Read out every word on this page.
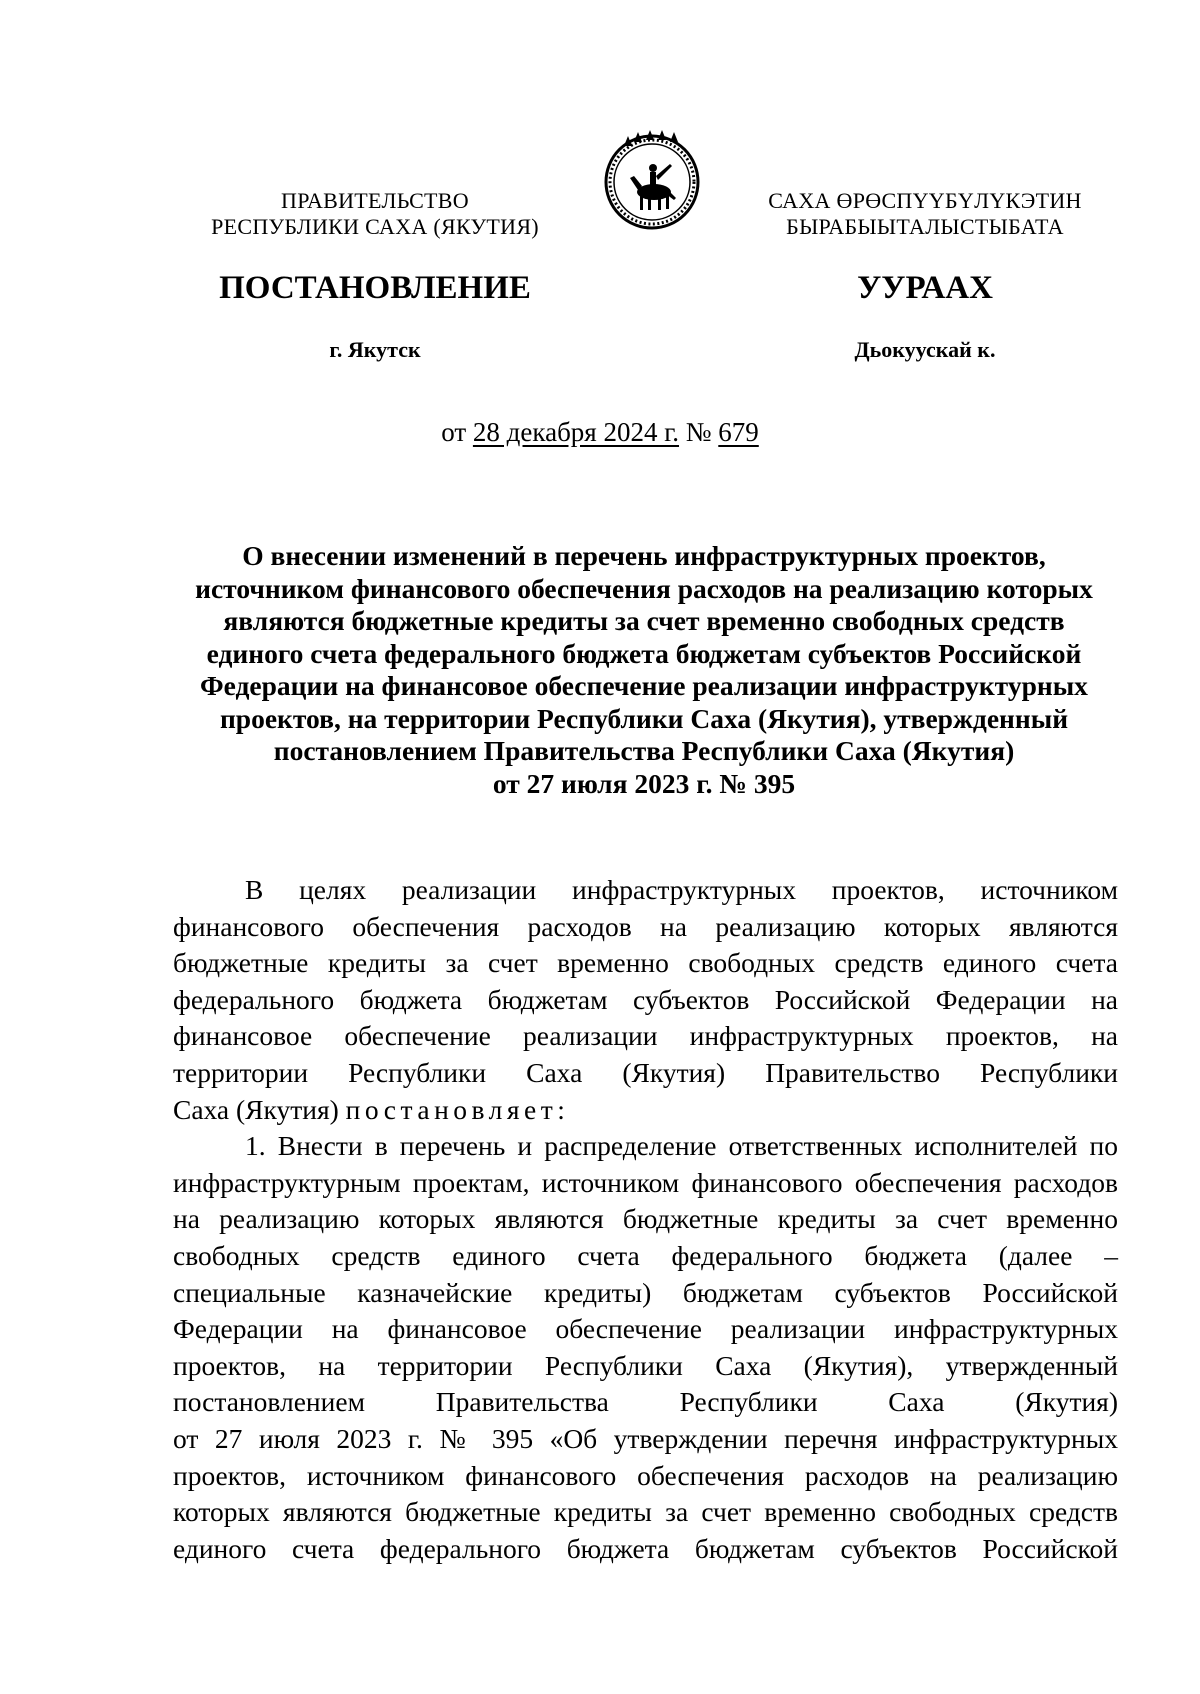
ПРАВИТЕЛЬСТВО
РЕСПУБЛИКИ САХА (ЯКУТИЯ)
САХА ӨРӨСПҮҮБҮЛҮКЭТИН
БЫРАБЫЫТАЛЫСТЫБАТА
ПОСТАНОВЛЕНИЕ	УУРААХ
г. Якутск	Дьокуускай к.
от 28 декабря 2024 г. № 679
О внесении изменений в перечень инфраструктурных проектов,
источником финансового обеспечения расходов на реализацию которых
являются бюджетные кредиты за счет временно свободных средств
единого счета федерального бюджета бюджетам субъектов Российской
Федерации на финансовое обеспечение реализации инфраструктурных
проектов, на территории Республики Саха (Якутия), утвержденный
постановлением Правительства Республики Саха (Якутия)
от 27 июля 2023 г. № 395
В целях реализации инфраструктурных проектов, источником
финансового обеспечения расходов на реализацию которых являются
бюджетные кредиты за счет временно свободных средств единого счета
федерального бюджета бюджетам субъектов Российской Федерации на
финансовое обеспечение реализации инфраструктурных проектов, на
территории Республики Саха (Якутия) Правительство Республики
Саха (Якутия) постановляет:
1. Внести в перечень и распределение ответственных исполнителей по
инфраструктурным проектам, источником финансового обеспечения расходов
на реализацию которых являются бюджетные кредиты за счет временно
свободных средств единого счета федерального бюджета (далее –
специальные казначейские кредиты) бюджетам субъектов Российской
Федерации на финансовое обеспечение реализации инфраструктурных
проектов, на территории Республики Саха (Якутия), утвержденный
постановлением Правительства Республики Саха (Якутия)
от 27 июля 2023 г. № 395 «Об утверждении перечня инфраструктурных
проектов, источником финансового обеспечения расходов на реализацию
которых являются бюджетные кредиты за счет временно свободных средств
единого счета федерального бюджета бюджетам субъектов Российской
